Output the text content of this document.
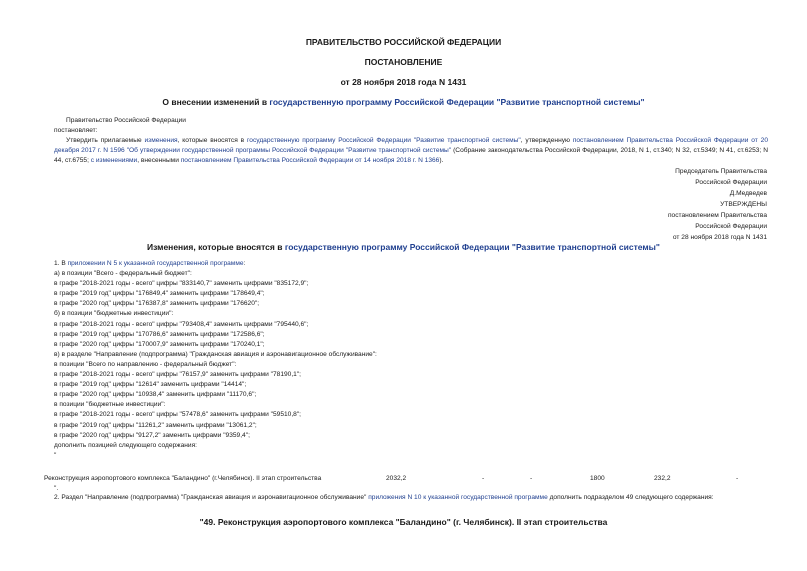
ПРАВИТЕЛЬСТВО РОССИЙСКОЙ ФЕДЕРАЦИИ
ПОСТАНОВЛЕНИЕ
от 28 ноября 2018 года N 1431
О внесении изменений в государственную программу Российской Федерации "Развитие транспортной системы"
Правительство Российской Федерации
постановляет:
Утвердить прилагаемые изменения, которые вносятся в государственную программу Российской Федерации "Развитие транспортной системы", утвержденную постановлением Правительства Российской Федерации от 20 декабря 2017 г. N 1596 "Об утверждении государственной программы Российской Федерации "Развитие транспортной системы" (Собрание законодательства Российской Федерации, 2018, N 1, ст.340; N 32, ст.5349; N 41, ст.6253; N 44, ст.6755; с изменениями, внесенными постановлением Правительства Российской Федерации от 14 ноября 2018 г. N 1366).
Председатель Правительства
Российской Федерации
Д.Медведев
УТВЕРЖДЕНЫ
постановлением Правительства
Российской Федерации
от 28 ноября 2018 года N 1431
Изменения, которые вносятся в государственную программу Российской Федерации "Развитие транспортной системы"
1. В приложении N 5 к указанной государственной программе:
а) в позиции "Всего - федеральный бюджет":
в графе "2018-2021 годы - всего" цифры "833140,7" заменить цифрами "835172,9";
в графе "2019 год" цифры "176849,4" заменить цифрами "178649,4";
в графе "2020 год" цифры "176387,8" заменить цифрами "176620";
б) в позиции "бюджетные инвестиции":
в графе "2018-2021 годы - всего" цифры "793408,4" заменить цифрами "795440,6";
в графе "2019 год" цифры "170786,6" заменить цифрами "172586,6";
в графе "2020 год" цифры "170007,9" заменить цифрами "170240,1";
в) в разделе "Направление (подпрограмма) "Гражданская авиация и аэронавигационное обслуживание":
в позиции "Всего по направлению - федеральный бюджет":
в графе "2018-2021 годы - всего" цифры "76157,9" заменить цифрами "78190,1";
в графе "2019 год" цифры "12614" заменить цифрами "14414";
в графе "2020 год" цифры "10938,4" заменить цифрами "11170,6";
в позиции "бюджетные инвестиции":
в графе "2018-2021 годы - всего" цифры "57478,6" заменить цифрами "59510,8";
в графе "2019 год" цифры "11261,2" заменить цифрами "13061,2";
в графе "2020 год" цифры "9127,2" заменить цифрами "9359,4";
дополнить позицией следующего содержания:
"
Реконструкция аэропортового комплекса "Баландино" (г.Челябинск). II этап строительства	2032,2	-	-	1800	232,2	-
".
2. Раздел "Направление (подпрограмма) "Гражданская авиация и аэронавигационное обслуживание" приложения N 10 к указанной государственной программе дополнить подразделом 49 следующего содержания:
"49. Реконструкция аэропортового комплекса "Баландино" (г. Челябинск). II этап строительства
